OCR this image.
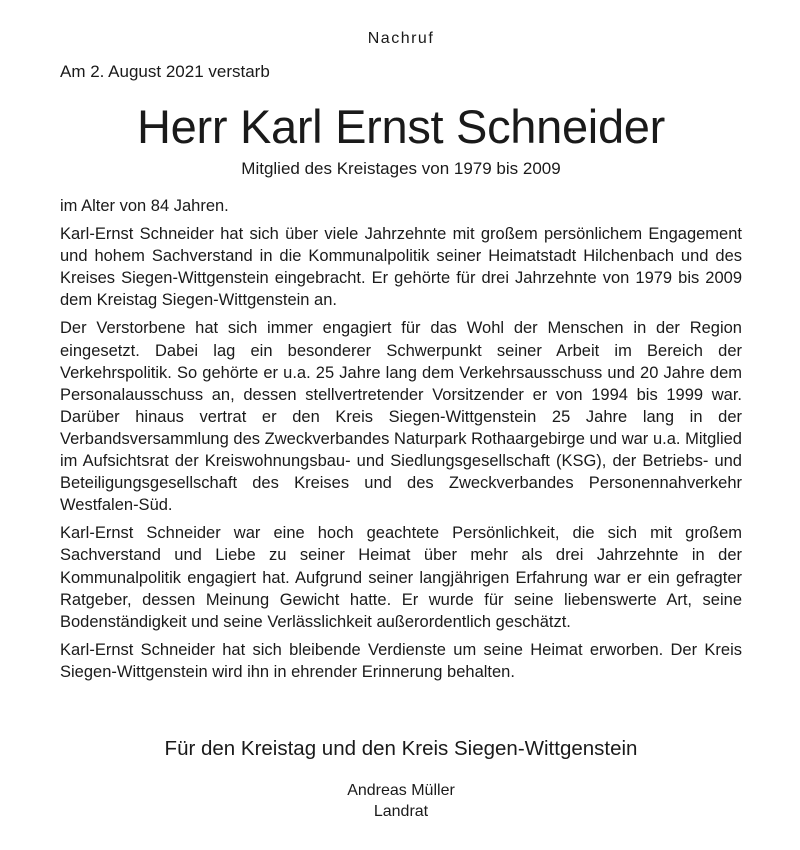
Nachruf
Am 2. August 2021 verstarb
Herr Karl Ernst Schneider
Mitglied des Kreistages von 1979 bis 2009

im Alter von 84 Jahren.

Karl-Ernst Schneider hat sich über viele Jahrzehnte mit großem persönlichem Engagement und hohem Sachverstand in die Kommunalpolitik seiner Heimatstadt Hilchenbach und des Kreises Siegen-Wittgenstein eingebracht. Er gehörte für drei Jahrzehnte von 1979 bis 2009 dem Kreistag Siegen-Wittgenstein an.

Der Verstorbene hat sich immer engagiert für das Wohl der Menschen in der Region eingesetzt. Dabei lag ein besonderer Schwerpunkt seiner Arbeit im Bereich der Verkehrspolitik. So gehörte er u.a. 25 Jahre lang dem Verkehrsausschuss und 20 Jahre dem Personalausschuss an, dessen stellvertretender Vorsitzender er von 1994 bis 1999 war. Darüber hinaus vertrat er den Kreis Siegen-Wittgenstein 25 Jahre lang in der Verbandsversammlung des Zweckverbandes Naturpark Rothaargebirge und war u.a. Mitglied im Aufsichtsrat der Kreiswohnungsbau- und Siedlungsgesellschaft (KSG), der Betriebs- und Beteiligungsgesellschaft des Kreises und des Zweckverbandes Personennahverkehr Westfalen-Süd.

Karl-Ernst Schneider war eine hoch geachtete Persönlichkeit, die sich mit großem Sachverstand und Liebe zu seiner Heimat über mehr als drei Jahrzehnte in der Kommunalpolitik engagiert hat. Aufgrund seiner langjährigen Erfahrung war er ein gefragter Ratgeber, dessen Meinung Gewicht hatte. Er wurde für seine liebenswerte Art, seine Bodenständigkeit und seine Verlässlichkeit außerordentlich geschätzt.

Karl-Ernst Schneider hat sich bleibende Verdienste um seine Heimat erworben. Der Kreis Siegen-Wittgenstein wird ihn in ehrender Erinnerung behalten.

Für den Kreistag und den Kreis Siegen-Wittgenstein
Andreas Müller
Landrat
